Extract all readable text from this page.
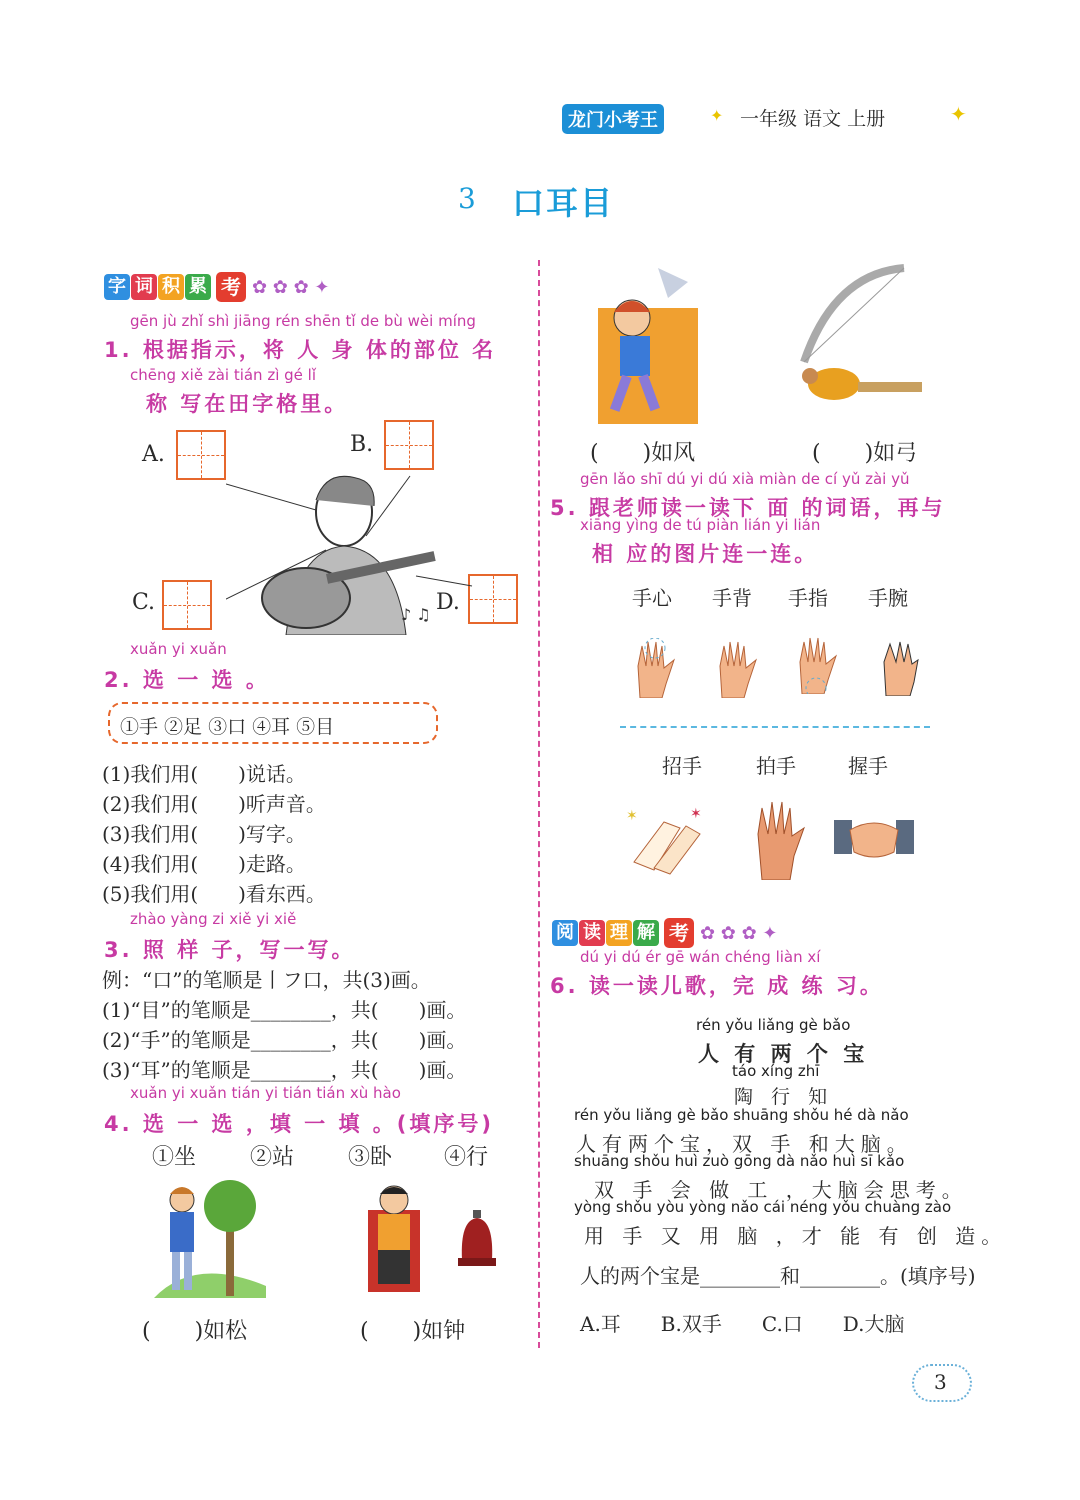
龙门小考王	✦ 一年级 语文 上册	✦
3 口耳目
字 词 积 累 考 ✿ ✿ ✿ ✦
gēn jù zhǐ shì jiāng rén shēn tǐ de bù wèi míng
1. 根据指示，将 人 身 体的部位 名
chēng xiě zài tián zì gé lǐ
称 写在田字格里。
A.	B.
C.	D.
♪ ♫
xuǎn yi xuǎn
2. 选 一 选 。
①手 ②足 ③口 ④耳 ⑤目
(1)我们用(　　)说话。
(2)我们用(　　)听声音。
(3)我们用(　　)写字。
(4)我们用(　　)走路。
(5)我们用(　　)看东西。
zhào yàng zi xiě yi xiě
3. 照 样 子，写一写。
例：“口”的笔顺是丨フ口，共(3)画。
(1)“目”的笔顺是________，共(　　)画。
(2)“手”的笔顺是________，共(　　)画。
(3)“耳”的笔顺是________，共(　　)画。
xuǎn yi xuǎn tián yi tián tián xù hào
4. 选 一 选 ，填 一 填 。(填序号)
①坐 ②站 ③卧 ④行
(　　)如松	(　　)如钟
(　　)如风	(　　)如弓
gēn lǎo shī dú yi dú xià miàn de cí yǔ zài yǔ
5. 跟老师读一读下 面 的词语，再与
xiāng yìng de tú piàn lián yi lián
相 应的图片连一连。
手心 手背 手指 手腕
招手	拍手	握手
✶	✶
阅 读 理 解 考 ✿ ✿ ✿ ✦
dú yi dú ér gē wán chéng liàn xí
6. 读一读儿歌，完 成 练 习。
rén yǒu liǎng gè bǎo
人 有 两 个 宝
táo xíng zhī
陶 行 知
rén yǒu liǎng gè bǎo shuāng shǒu hé dà nǎo
人有两个宝，双 手 和大脑。
shuāng shǒu huì zuò gōng dà nǎo huì sī kǎo
双 手 会 做 工 ，大脑会思考。
yòng shǒu yòu yòng nǎo cái néng yǒu chuàng zào
用 手 又 用 脑 ，才 能 有 创 造。
人的两个宝是________和________。(填序号)
A.耳　　B.双手　　C.口　　D.大脑
3
